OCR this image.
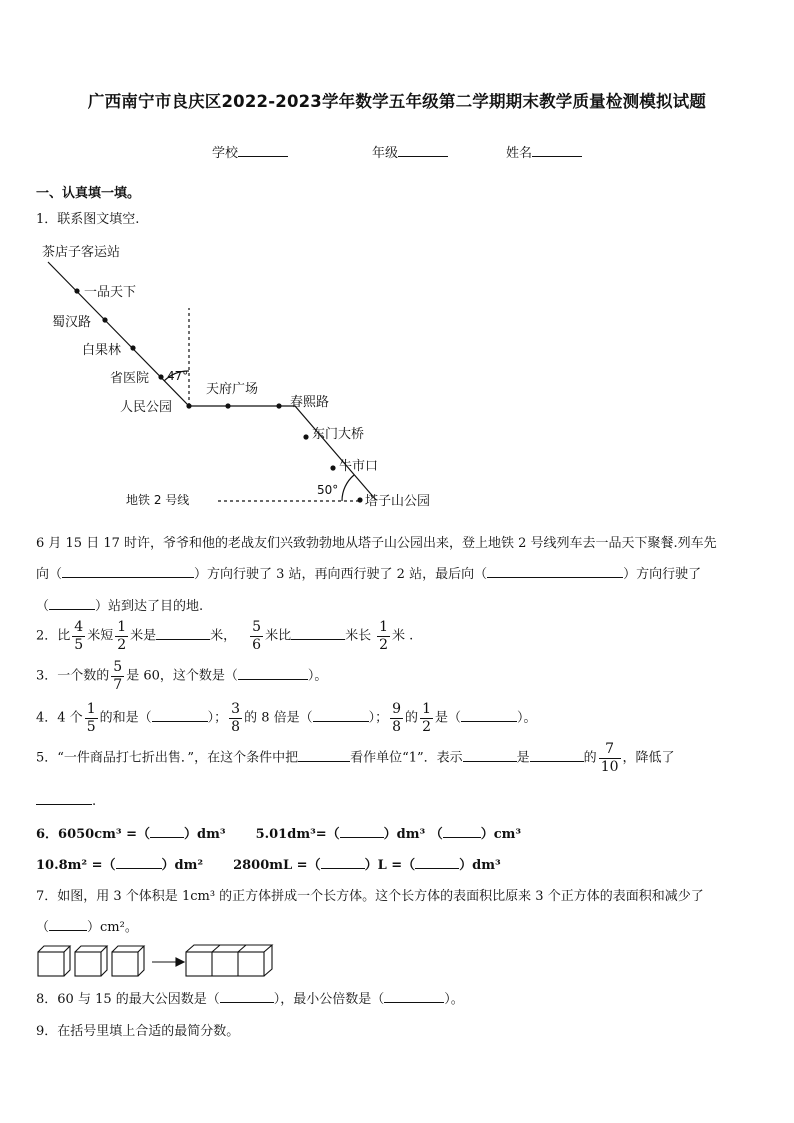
广西南宁市良庆区2022-2023学年数学五年级第二学期期末教学质量检测模拟试题
学校	年级	姓名
一、认真填一填。
1．联系图文填空.
茶店子客运站
一品天下
蜀汉路
白果林
省医院
人民公园
天府广场
春熙路
东门大桥
牛市口
塔子山公园
47°
50°
地铁 2 号线
6 月 15 日 17 时许，爷爷和他的老战友们兴致勃勃地从塔子山公园出来，登上地铁 2 号线列车去一品天下聚餐.列车先
向（	）方向行驶了 3 站，再向西行驶了 2 站，最后向（	）方向行驶了
（	）站到达了目的地.
2．比 $\frac{4}{5}$ 米短 $\frac{1}{2}$ 米是	米， $\frac{5}{6}$ 米比	米长 $\frac{1}{2}$ 米 .
3．一个数的 $\frac{5}{7}$ 是 60，这个数是（	）。
4．4 个 $\frac{1}{5}$ 的和是（	）； $\frac{3}{8}$ 的 8 倍是（	）； $\frac{9}{8}$ 的 $\frac{1}{2}$ 是（	）。
5．“一件商品打七折出售．”，在这个条件中把	看作单位“1”．表示	是	的 $\frac{7}{10}$ ，降低了
.
6．6050cm³ =（	）dm³ 5.01dm³=（	）dm³ （	）cm³
10.8m² =（	）dm² 2800mL =（	）L =（	）dm³
7．如图，用 3 个体积是 1cm³ 的正方体拼成一个长方体。这个长方体的表面积比原来 3 个正方体的表面积和减少了
（	）cm²。
8．60 与 15 的最大公因数是（	），最小公倍数是（	）。
9．在括号里填上合适的最简分数。
